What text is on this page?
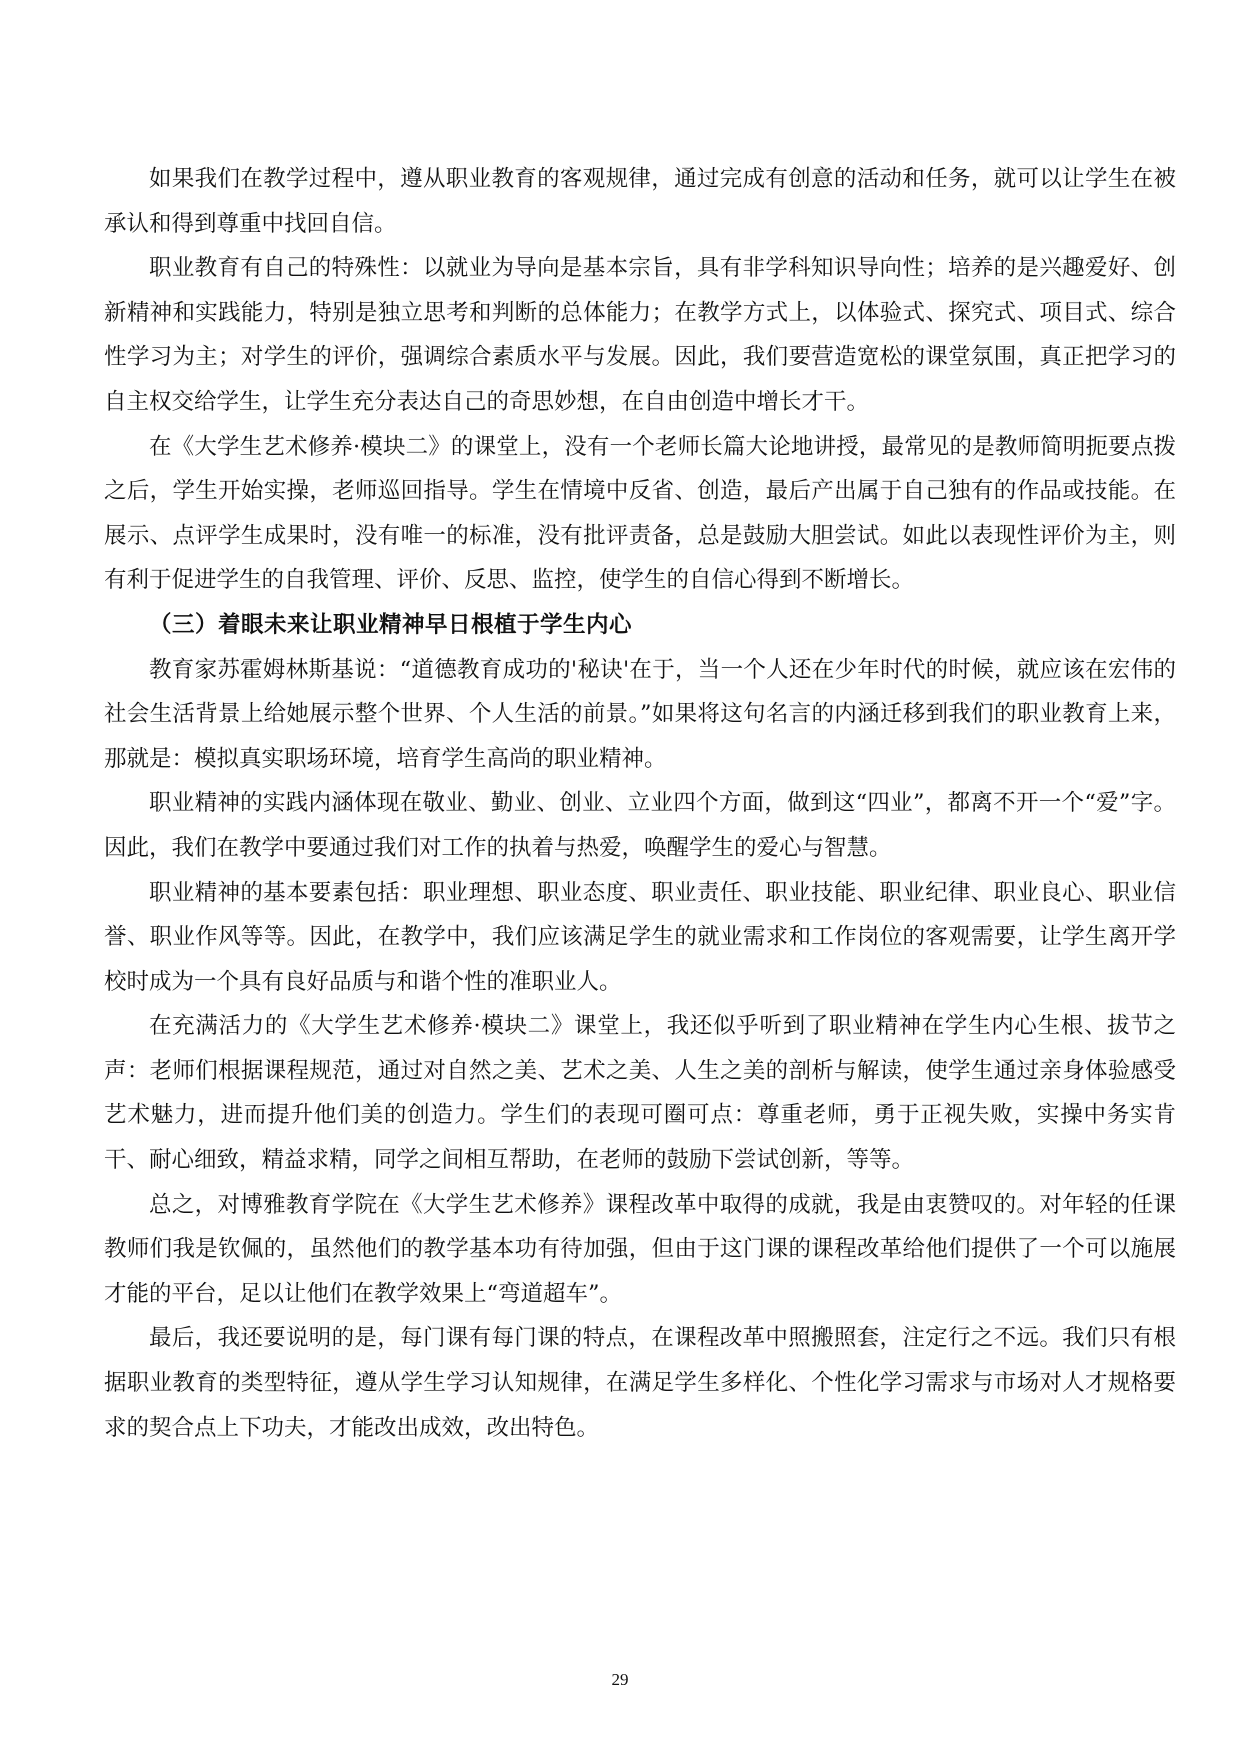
如果我们在教学过程中，遵从职业教育的客观规律，通过完成有创意的活动和任务，就可以让学生在被承认和得到尊重中找回自信。

职业教育有自己的特殊性：以就业为导向是基本宗旨，具有非学科知识导向性；培养的是兴趣爱好、创新精神和实践能力，特别是独立思考和判断的总体能力；在教学方式上，以体验式、探究式、项目式、综合性学习为主；对学生的评价，强调综合素质水平与发展。因此，我们要营造宽松的课堂氛围，真正把学习的自主权交给学生，让学生充分表达自己的奇思妙想，在自由创造中增长才干。

在《大学生艺术修养·模块二》的课堂上，没有一个老师长篇大论地讲授，最常见的是教师简明扼要点拨之后，学生开始实操，老师巡回指导。学生在情境中反省、创造，最后产出属于自己独有的作品或技能。在展示、点评学生成果时，没有唯一的标准，没有批评责备，总是鼓励大胆尝试。如此以表现性评价为主，则有利于促进学生的自我管理、评价、反思、监控，使学生的自信心得到不断增长。

（三）着眼未来让职业精神早日根植于学生内心

教育家苏霍姆林斯基说：“道德教育成功的'秘诀'在于，当一个人还在少年时代的时候，就应该在宏伟的社会生活背景上给她展示整个世界、个人生活的前景。”如果将这句名言的内涵迁移到我们的职业教育上来，那就是：模拟真实职场环境，培育学生高尚的职业精神。

职业精神的实践内涵体现在敬业、勤业、创业、立业四个方面，做到这“四业”，都离不开一个“爱”字。因此，我们在教学中要通过我们对工作的执着与热爱，唤醒学生的爱心与智慧。

职业精神的基本要素包括：职业理想、职业态度、职业责任、职业技能、职业纪律、职业良心、职业信誉、职业作风等等。因此，在教学中，我们应该满足学生的就业需求和工作岗位的客观需要，让学生离开学校时成为一个具有良好品质与和谐个性的准职业人。

在充满活力的《大学生艺术修养·模块二》课堂上，我还似乎听到了职业精神在学生内心生根、拔节之声：老师们根据课程规范，通过对自然之美、艺术之美、人生之美的剖析与解读，使学生通过亲身体验感受艺术魅力，进而提升他们美的创造力。学生们的表现可圈可点：尊重老师，勇于正视失败，实操中务实肯干、耐心细致，精益求精，同学之间相互帮助，在老师的鼓励下尝试创新，等等。

总之，对博雅教育学院在《大学生艺术修养》课程改革中取得的成就，我是由衷赞叹的。对年轻的任课教师们我是钦佩的，虽然他们的教学基本功有待加强，但由于这门课的课程改革给他们提供了一个可以施展才能的平台，足以让他们在教学效果上“弯道超车”。

最后，我还要说明的是，每门课有每门课的特点，在课程改革中照搬照套，注定行之不远。我们只有根据职业教育的类型特征，遵从学生学习认知规律，在满足学生多样化、个性化学习需求与市场对人才规格要求的契合点上下功夫，才能改出成效，改出特色。

29
